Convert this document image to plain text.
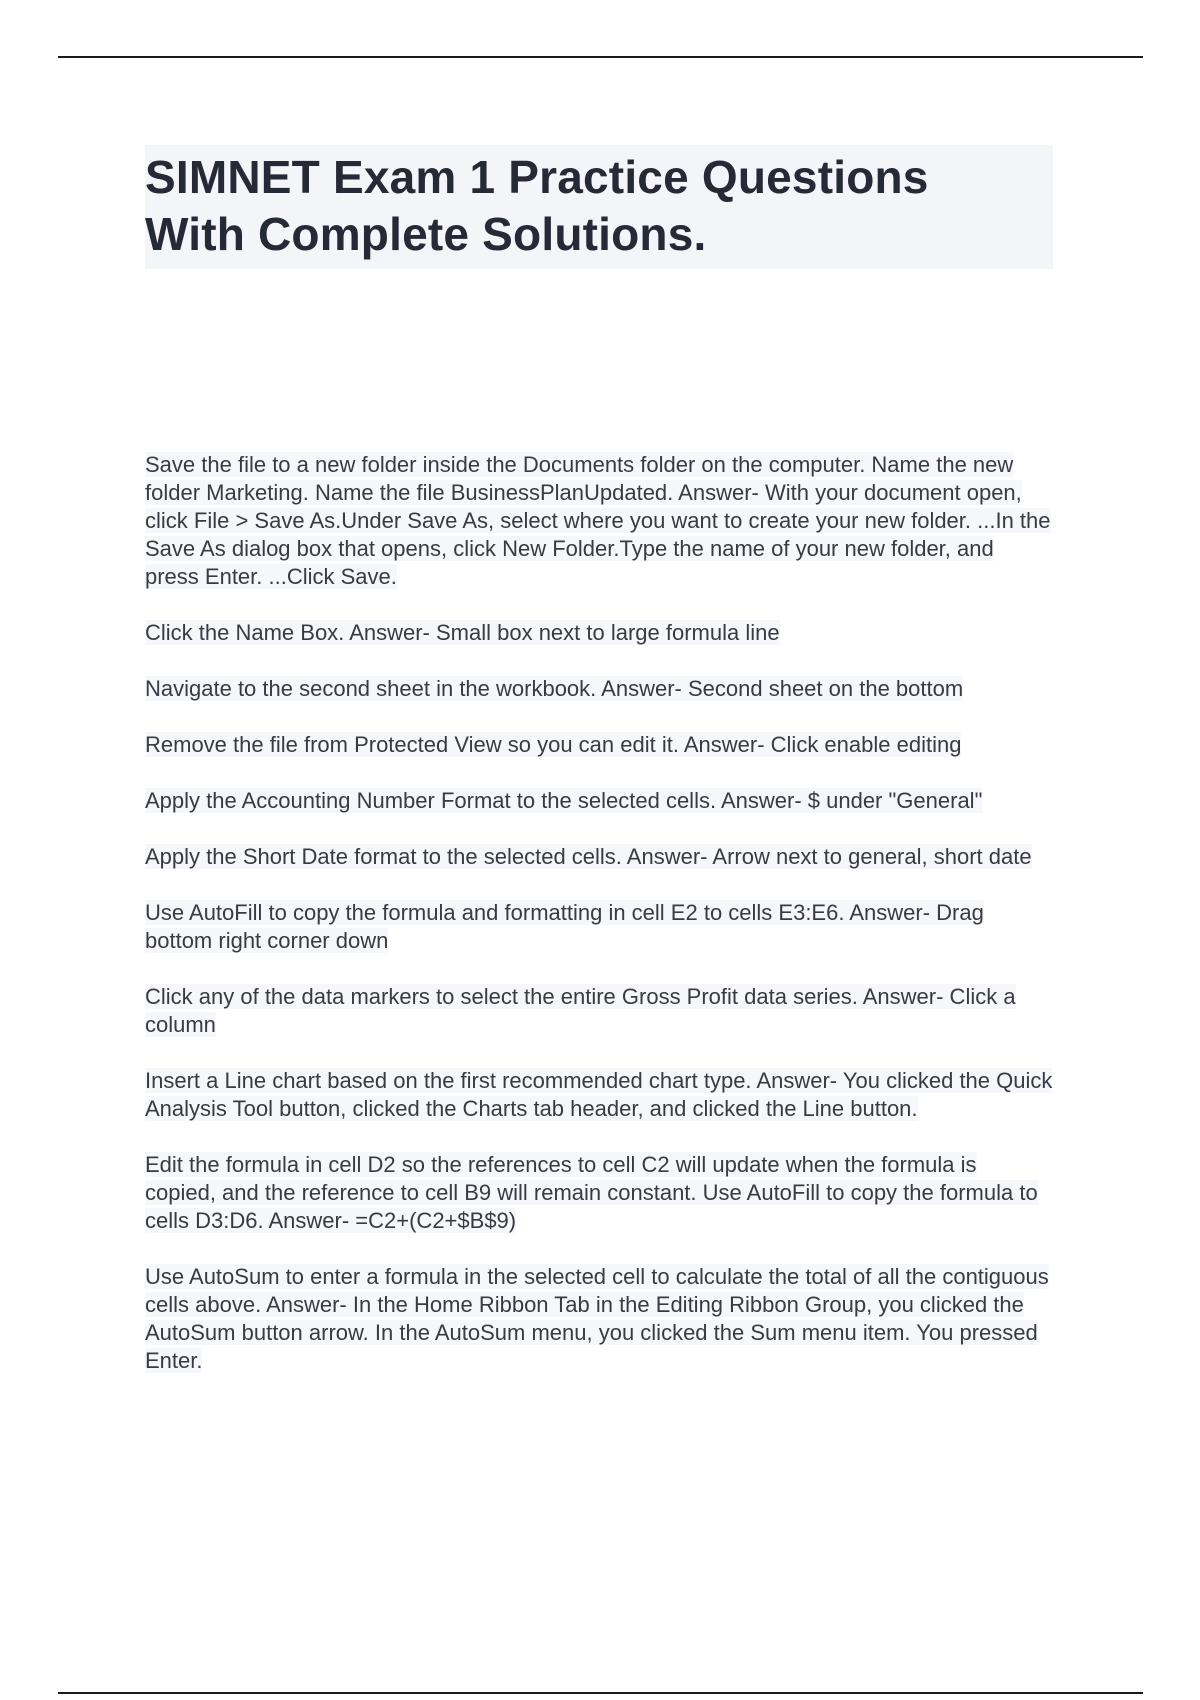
SIMNET Exam 1 Practice Questions
With Complete Solutions.

Save the file to a new folder inside the Documents folder on the computer. Name the new folder Marketing. Name the file BusinessPlanUpdated. Answer- With your document open, click File > Save As.Under Save As, select where you want to create your new folder. ...In the Save As dialog box that opens, click New Folder.Type the name of your new folder, and press Enter. ...Click Save.

Click the Name Box. Answer- Small box next to large formula line

Navigate to the second sheet in the workbook. Answer- Second sheet on the bottom

Remove the file from Protected View so you can edit it. Answer- Click enable editing

Apply the Accounting Number Format to the selected cells. Answer- $ under "General"

Apply the Short Date format to the selected cells. Answer- Arrow next to general, short date

Use AutoFill to copy the formula and formatting in cell E2 to cells E3:E6. Answer- Drag bottom right corner down

Click any of the data markers to select the entire Gross Profit data series. Answer- Click a column

Insert a Line chart based on the first recommended chart type. Answer- You clicked the Quick Analysis Tool button, clicked the Charts tab header, and clicked the Line button.

Edit the formula in cell D2 so the references to cell C2 will update when the formula is copied, and the reference to cell B9 will remain constant. Use AutoFill to copy the formula to cells D3:D6. Answer- =C2+(C2+$B$9)

Use AutoSum to enter a formula in the selected cell to calculate the total of all the contiguous cells above. Answer- In the Home Ribbon Tab in the Editing Ribbon Group, you clicked the AutoSum button arrow. In the AutoSum menu, you clicked the Sum menu item. You pressed Enter.
